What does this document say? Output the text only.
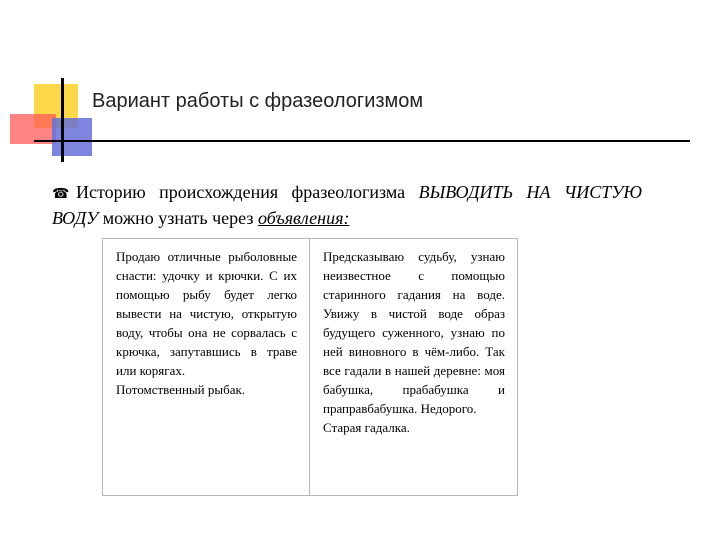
Вариант работы с фразеологизмом
☎ Историю происхождения фразеологизма ВЫВОДИТЬ НА ЧИСТУЮ ВОДУ можно узнать через объявления:
Продаю отличные рыболовные снасти: удочку и крючки. С их помощью рыбу будет легко вывести на чистую, открытую воду, чтобы она не сорвалась с крючка, запутавшись в траве или корягах.
Потомственный рыбак.
Предсказываю судьбу, узнаю неизвестное с помощью старинного гадания на воде. Увижу в чистой воде образ будущего суженного, узнаю по ней виновного в чём-либо. Так все гадали в нашей деревне: моя бабушка, прабабушка и праправбабушка. Недорого.
Старая гадалка.
